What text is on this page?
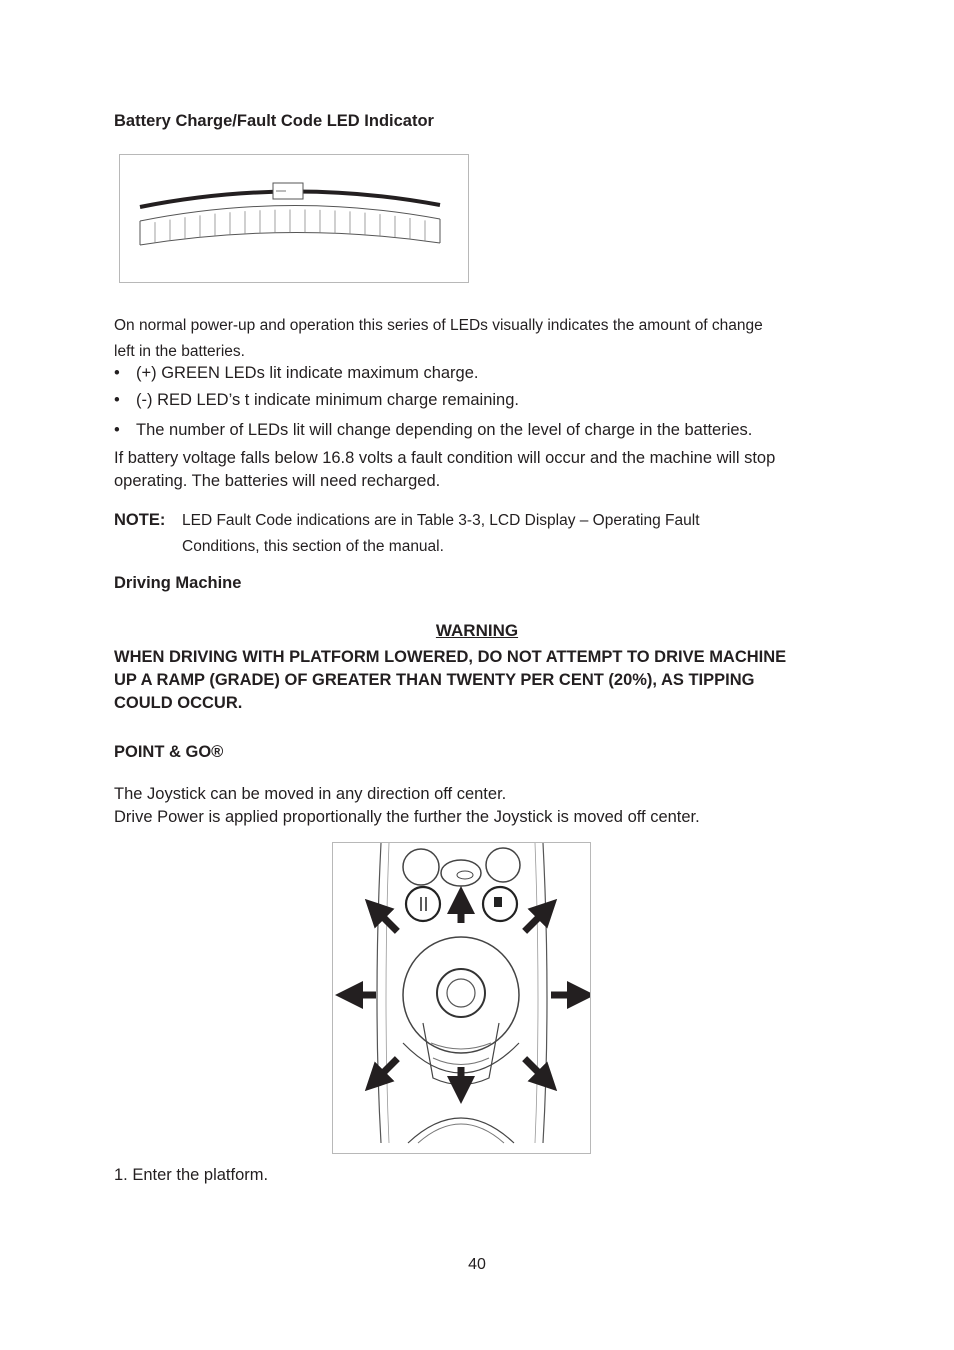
Battery Charge/Fault Code LED Indicator
On normal power-up and operation this series of LEDs visually indicates the amount of change
left in the batteries.
• (+) GREEN LEDs lit indicate maximum charge.
• (-) RED LED’s t indicate minimum charge remaining.
• The number of LEDs lit will change depending on the level of charge in the batteries.
If battery voltage falls below 16.8 volts a fault condition will occur and the machine will stop
operating. The batteries will need recharged.
NOTE: LED Fault Code indications are in Table 3-3, LCD Display – Operating Fault
Conditions, this section of the manual.
Driving Machine
WARNING
WHEN DRIVING WITH PLATFORM LOWERED, DO NOT ATTEMPT TO DRIVE MACHINE
UP A RAMP (GRADE) OF GREATER THAN TWENTY PER CENT (20%), AS TIPPING
COULD OCCUR.
POINT & GO®
The Joystick can be moved in any direction off center.
Drive Power is applied proportionally the further the Joystick is moved off center.
1. Enter the platform.
40
